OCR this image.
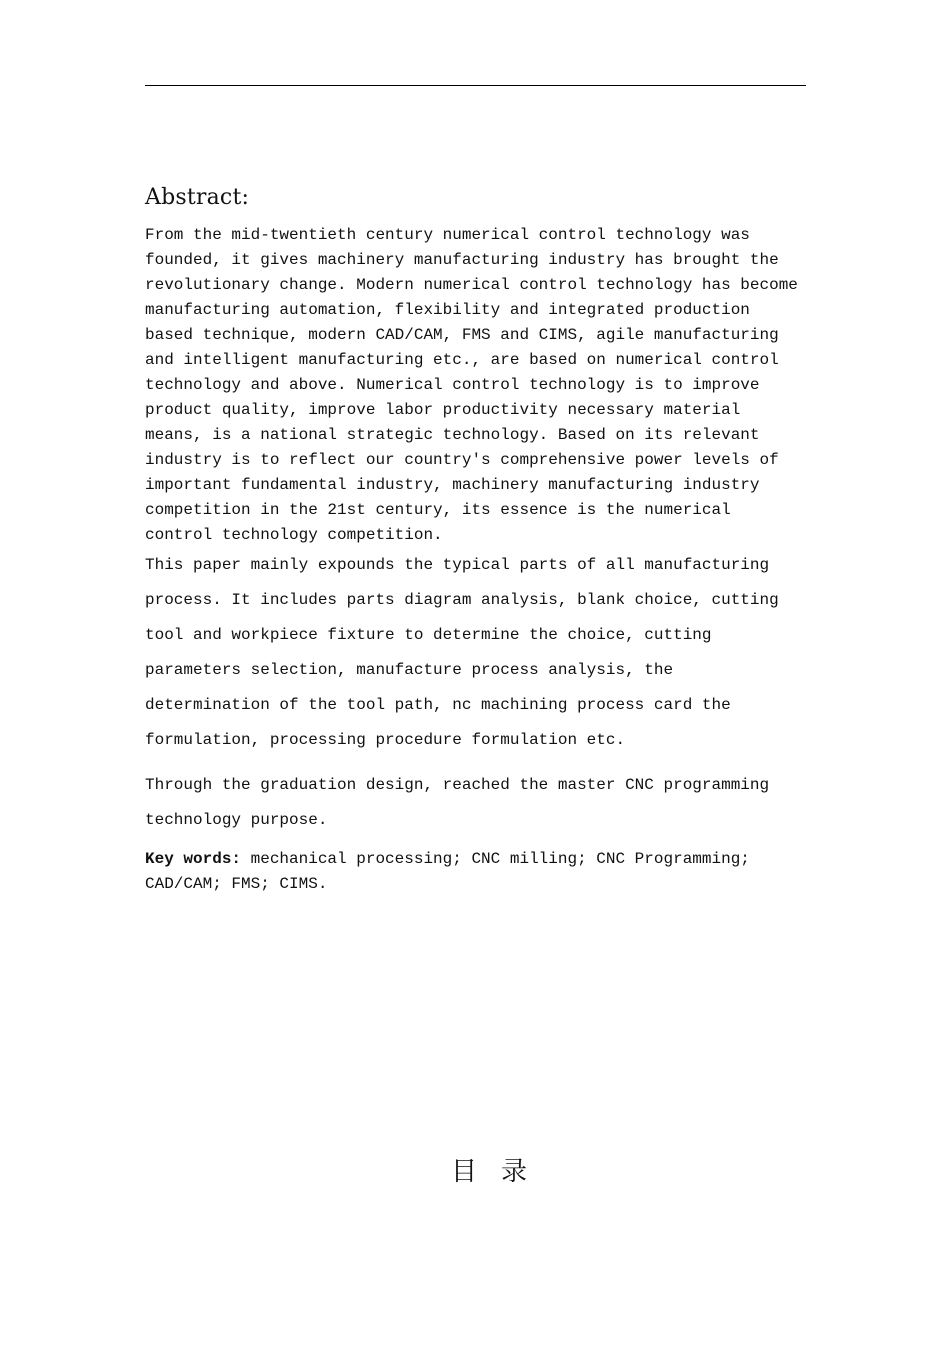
Abstract:
From the mid-twentieth century numerical control technology was
founded, it gives machinery manufacturing industry has brought the
revolutionary change. Modern numerical control technology has become
manufacturing automation, flexibility and integrated production
based technique, modern CAD/CAM, FMS and CIMS, agile manufacturing
and intelligent manufacturing etc., are based on numerical control
technology and above. Numerical control technology is to improve
product quality, improve labor productivity necessary material
means, is a national strategic technology. Based on its relevant
industry is to reflect our country's comprehensive power levels of
important fundamental industry, machinery manufacturing industry
competition in the 21st century, its essence is the numerical
control technology competition.
This paper mainly expounds the typical parts of all manufacturing
process. It includes parts diagram analysis, blank choice, cutting
tool and workpiece fixture to determine the choice, cutting
parameters selection, manufacture process analysis, the
determination of the tool path, nc machining process card the
formulation, processing procedure formulation etc.
Through the graduation design, reached the master CNC programming
technology purpose.
Key words: mechanical processing; CNC milling; CNC Programming;
CAD/CAM; FMS; CIMS.
目录
